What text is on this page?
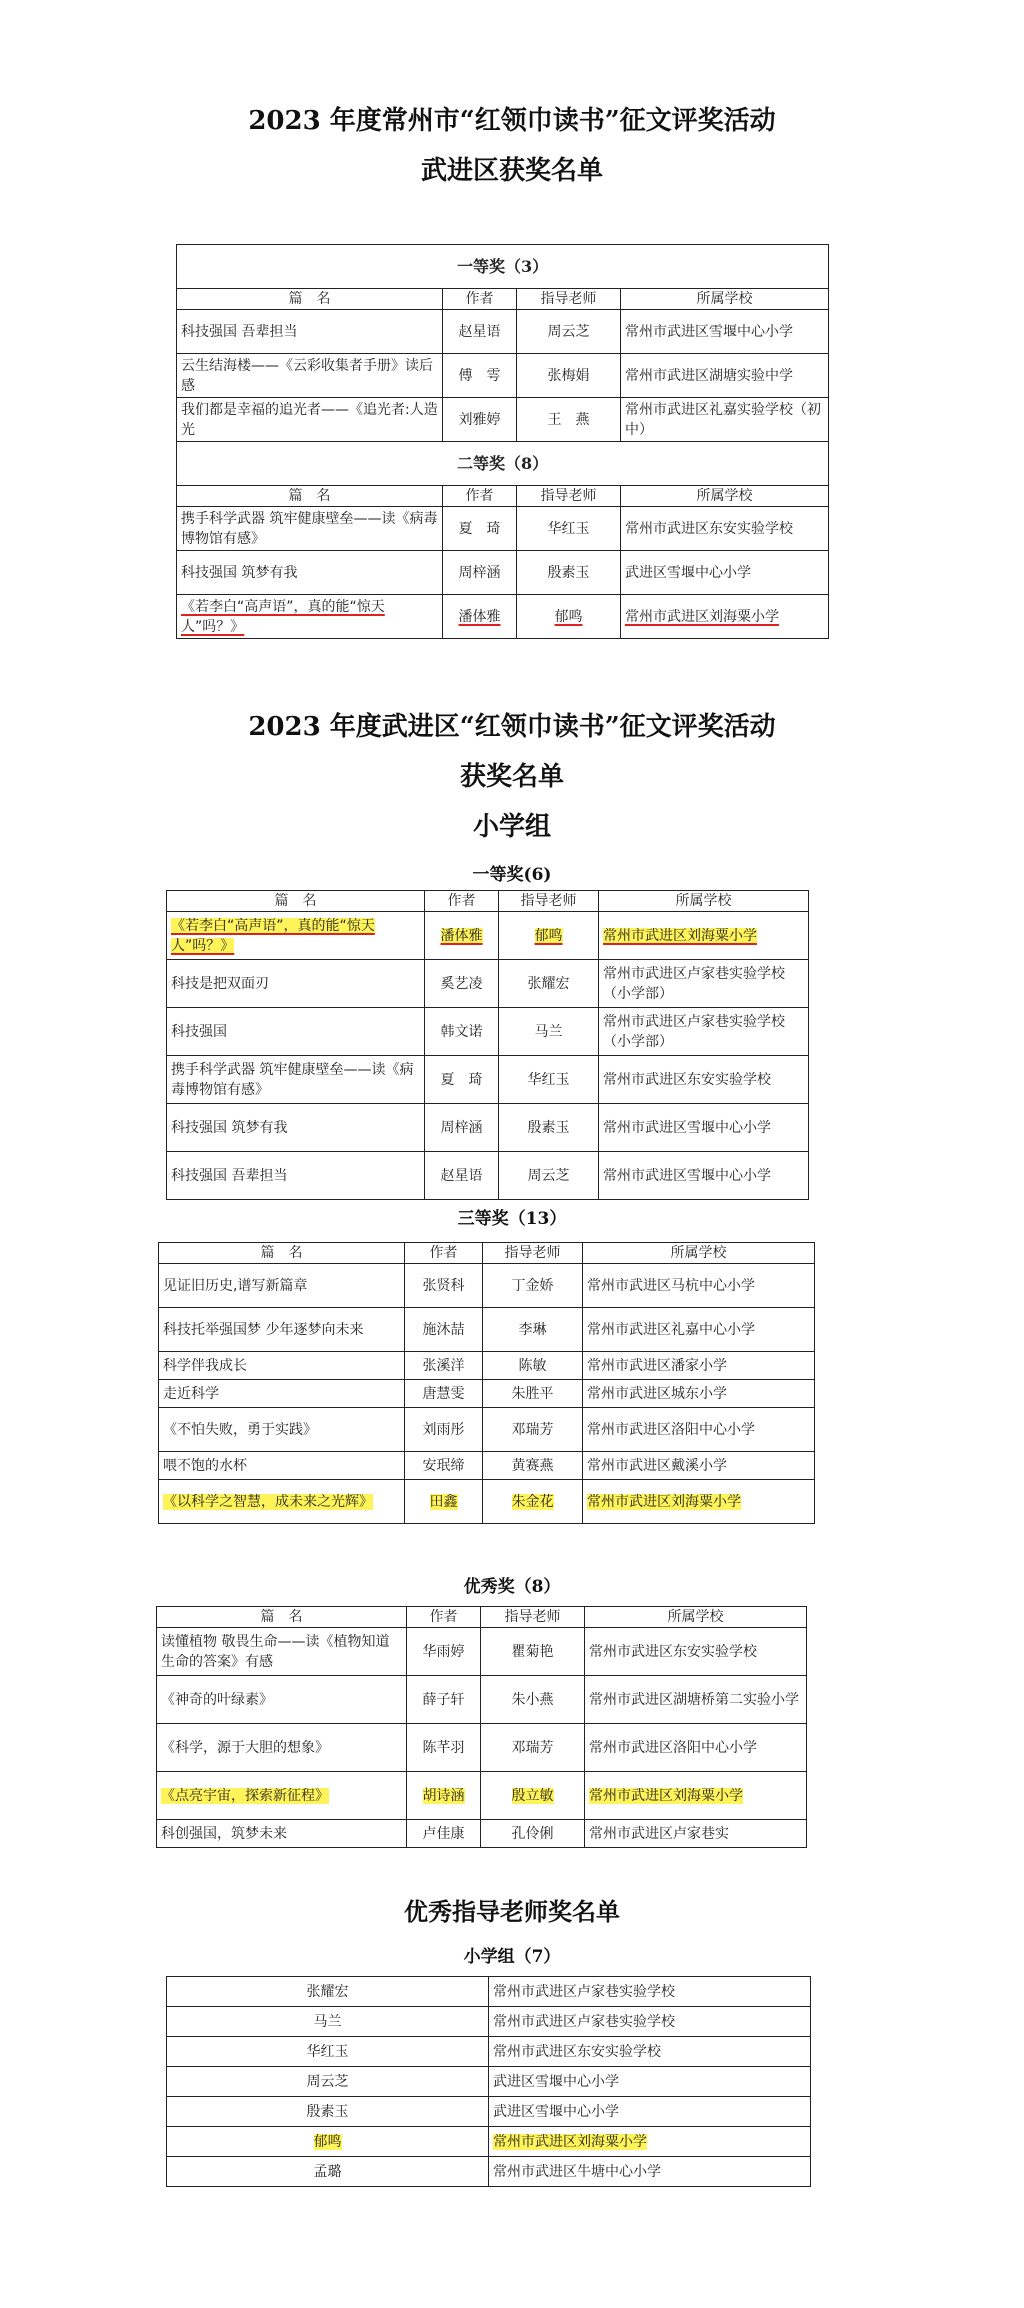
2023 年度常州市“红领巾读书”征文评奖活动
武进区获奖名单
一等奖（3）			
篇　名	作者	指导老师	所属学校
科技强国 吾辈担当	赵星语	周云芝	常州市武进区雪堰中心小学
云生结海楼——《云彩收集者手册》读后感	傅　雩	张梅娟	常州市武进区湖塘实验中学
我们都是幸福的追光者——《追光者:人造光	刘雅婷	王　燕	常州市武进区礼嘉实验学校（初中）
二等奖（8）			
篇　名	作者	指导老师	所属学校
携手科学武器 筑牢健康壁垒——读《病毒博物馆有感》	夏　琦	华红玉	常州市武进区东安实验学校
科技强国 筑梦有我	周梓涵	殷素玉	武进区雪堰中心小学
《若李白“高声语”，真的能“惊天人”吗？》	潘体雅	郁鸣	常州市武进区刘海粟小学
2023 年度武进区“红领巾读书”征文评奖活动
获奖名单
小学组
一等奖(6)
篇　名	作者	指导老师	所属学校
《若李白“高声语”，真的能“惊天人”吗？》	潘体雅	郁鸣	常州市武进区刘海粟小学
科技是把双面刃	奚艺凌	张耀宏	常州市武进区卢家巷实验学校（小学部）
科技强国	韩文诺	马兰	常州市武进区卢家巷实验学校（小学部）
携手科学武器 筑牢健康壁垒——读《病毒博物馆有感》	夏　琦	华红玉	常州市武进区东安实验学校
科技强国 筑梦有我	周梓涵	殷素玉	常州市武进区雪堰中心小学
科技强国 吾辈担当	赵星语	周云芝	常州市武进区雪堰中心小学
三等奖（13）
篇　名	作者	指导老师	所属学校
见证旧历史,谱写新篇章	张贤科	丁金娇	常州市武进区马杭中心小学
科技托举强国梦 少年逐梦向未来	施沐喆	李琳	常州市武进区礼嘉中心小学
科学伴我成长	张溪洋	陈敏	常州市武进区潘家小学
走近科学	唐慧雯	朱胜平	常州市武进区城东小学
《不怕失败，勇于实践》	刘雨彤	邓瑞芳	常州市武进区洛阳中心小学
喂不饱的水杯	安珉缔	黄赛燕	常州市武进区戴溪小学
《以科学之智慧，成未来之光辉》	田鑫	朱金花	常州市武进区刘海粟小学
优秀奖（8）
篇　名	作者	指导老师	所属学校
读懂植物 敬畏生命——读《植物知道生命的答案》有感	华雨婷	瞿菊艳	常州市武进区东安实验学校
《神奇的叶绿素》	薛子轩	朱小燕	常州市武进区湖塘桥第二实验小学
《科学，源于大胆的想象》	陈芊羽	邓瑞芳	常州市武进区洛阳中心小学
《点亮宇宙，探索新征程》	胡诗涵	殷立敏	常州市武进区刘海粟小学
科创强国，筑梦未来	卢佳康	孔伶俐	常州市武进区卢家巷实
优秀指导老师奖名单
小学组（7）
张耀宏	常州市武进区卢家巷实验学校
马兰	常州市武进区卢家巷实验学校
华红玉	常州市武进区东安实验学校
周云芝	武进区雪堰中心小学
殷素玉	武进区雪堰中心小学
郁鸣	常州市武进区刘海粟小学
孟璐	常州市武进区牛塘中心小学
